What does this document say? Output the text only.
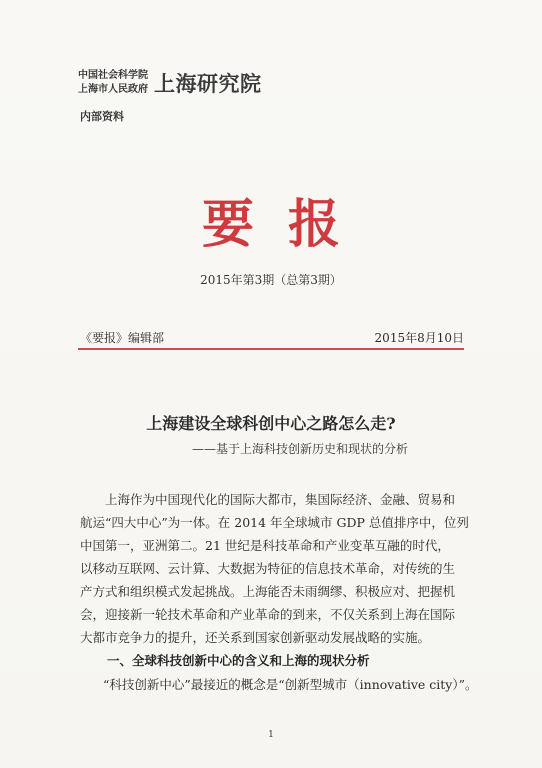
中国社会科学院
上海市人民政府 上海研究院
内部资料
要报
2015年第3期（总第3期）
《要报》编辑部	2015年8月10日
上海建设全球科创中心之路怎么走?
——基于上海科技创新历史和现状的分析

　　上海作为中国现代化的国际大都市，集国际经济、金融、贸易和

航运“四大中心”为一体。在 2014 年全球城市 GDP 总值排序中，位列

中国第一，亚洲第二。21 世纪是科技革命和产业变革互融的时代，

以移动互联网、云计算、大数据为特征的信息技术革命，对传统的生

产方式和组织模式发起挑战。上海能否未雨绸缪、积极应对、把握机

会，迎接新一轮技术革命和产业革命的到来，不仅关系到上海在国际

大都市竞争力的提升，还关系到国家创新驱动发展战略的实施。

一、全球科技创新中心的含义和上海的现状分析
“科技创新中心”最接近的概念是“创新型城市（innovative city）”。
1
